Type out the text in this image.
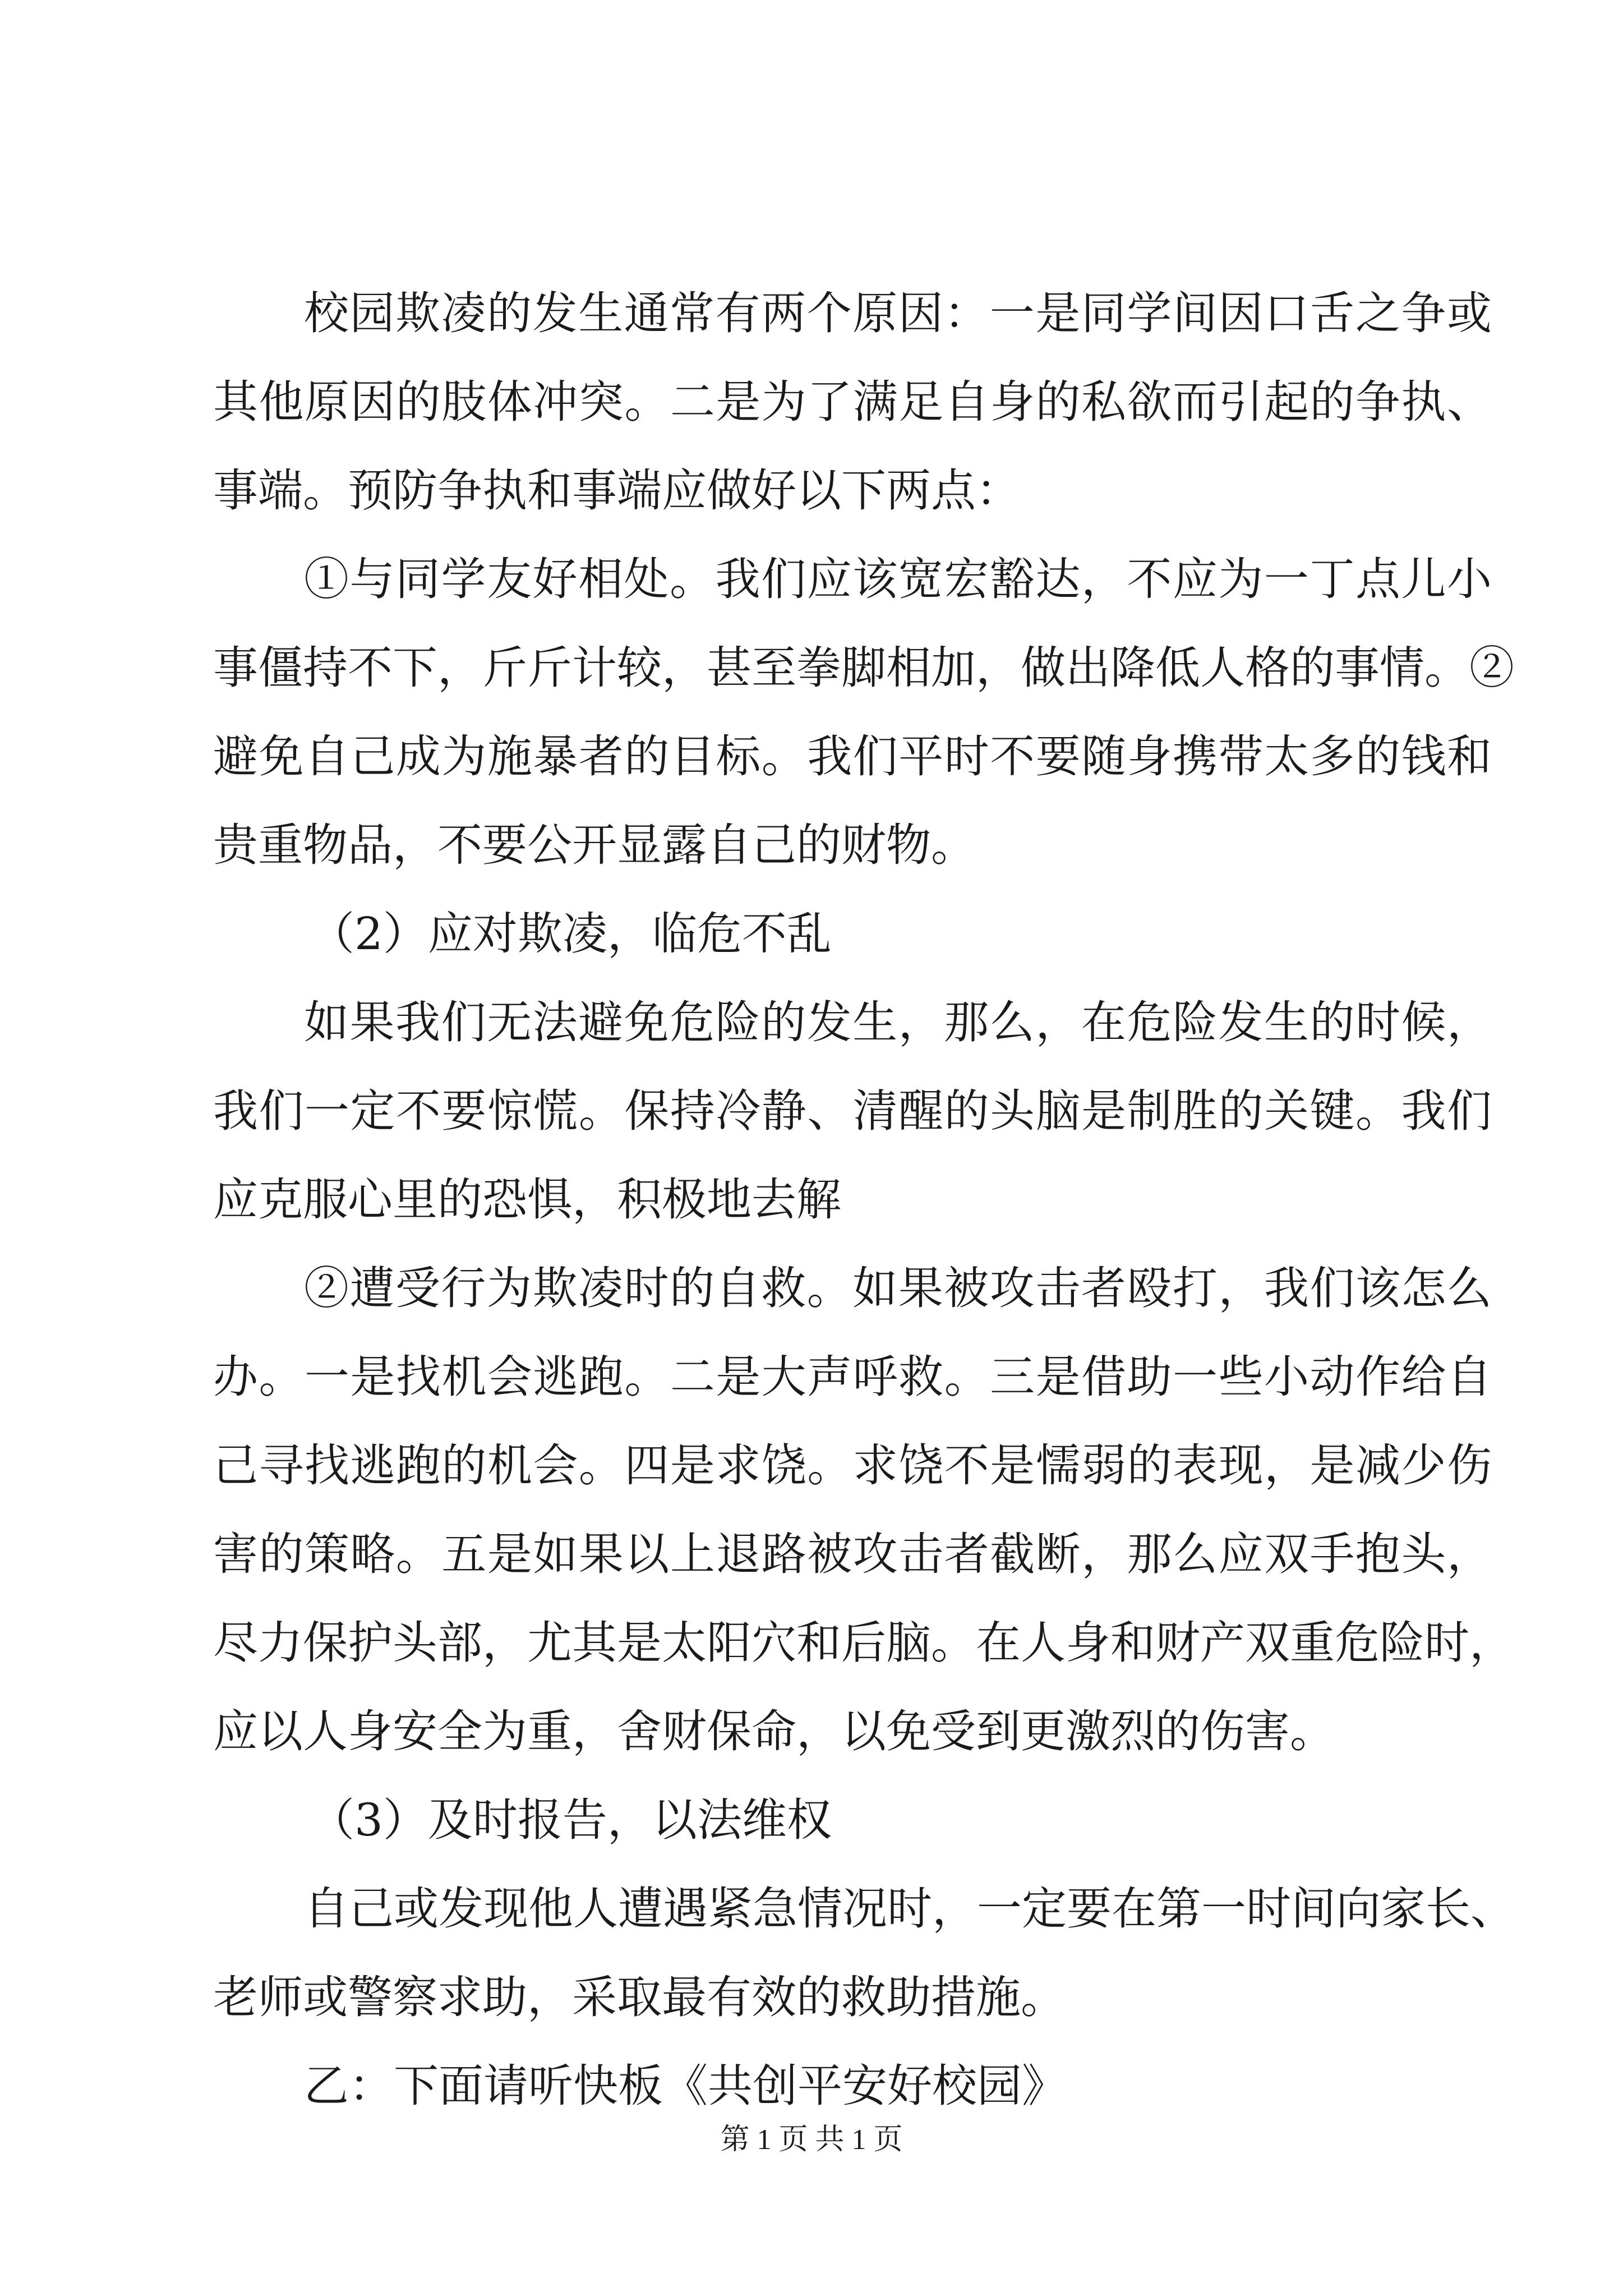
校园欺凌的发生通常有两个原因：一是同学间因口舌之争或
其他原因的肢体冲突。二是为了满足自身的私欲而引起的争执、
事端。预防争执和事端应做好以下两点：
①与同学友好相处。我们应该宽宏豁达，不应为一丁点儿小
事僵持不下，斤斤计较，甚至拳脚相加，做出降低人格的事情。②
避免自己成为施暴者的目标。我们平时不要随身携带太多的钱和
贵重物品，不要公开显露自己的财物。
（2）应对欺凌，临危不乱
如果我们无法避免危险的发生，那么，在危险发生的时候，
我们一定不要惊慌。保持冷静、清醒的头脑是制胜的关键。我们
应克服心里的恐惧，积极地去解
②遭受行为欺凌时的自救。如果被攻击者殴打，我们该怎么
办。一是找机会逃跑。二是大声呼救。三是借助一些小动作给自
己寻找逃跑的机会。四是求饶。求饶不是懦弱的表现，是减少伤
害的策略。五是如果以上退路被攻击者截断，那么应双手抱头，
尽力保护头部，尤其是太阳穴和后脑。在人身和财产双重危险时，
应以人身安全为重，舍财保命，以免受到更激烈的伤害。
（3）及时报告，以法维权
自己或发现他人遭遇紧急情况时，一定要在第一时间向家长、
老师或警察求助，采取最有效的救助措施。
乙：下面请听快板《共创平安好校园》
第 1 页 共 1 页
